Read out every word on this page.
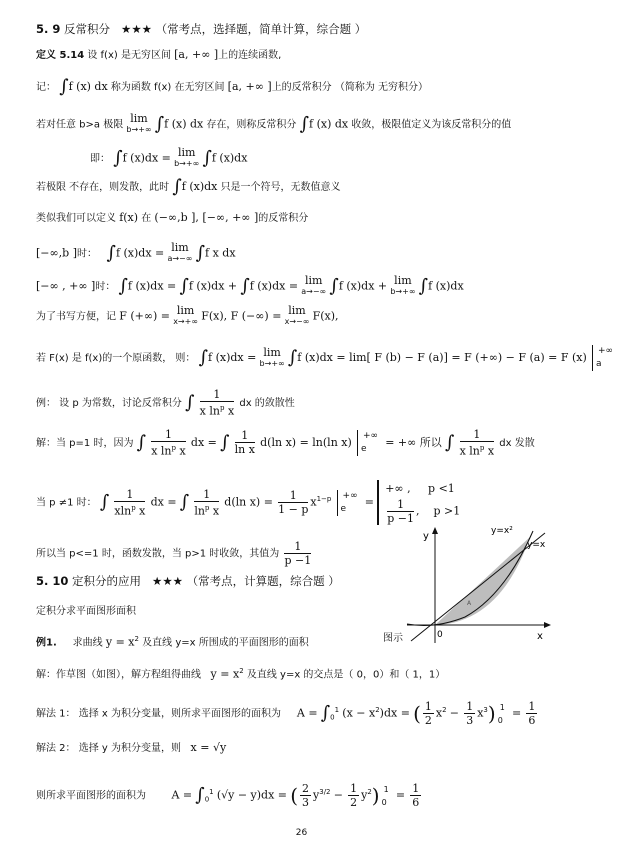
5. 9 反常积分 ★★★ （常考点，选择题，简单计算，综合题 ）
定义 5.14 设 f(x) 是无穷区间 [a, +∞ ]上的连续函数,
记： ∫f (x) dx 称为函数 f(x) 在无穷区间 [a, +∞ ]上的反常积分 （简称为 无穷积分）
若对任意 b>a 极限 lim
b→+∞ ∫f (x) dx 存在，则称反常积分 ∫f (x) dx 收敛，极限值定义为该反常积分的值
即： ∫f (x)dx = lim
b→+∞ ∫f (x)dx
若极限 不存在，则发散，此时 ∫f (x)dx 只是一个符号，无数值意义
类似我们可以定义 f(x) 在 (−∞,b ], [−∞, +∞ ]的反常积分
[−∞,b ]时： ∫f (x)dx = lim
a→−∞ ∫f x dx
[−∞ , +∞ ]时： ∫f (x)dx = ∫f (x)dx + ∫f (x)dx = lim
a→−∞ ∫f (x)dx + lim
b→+∞ ∫f (x)dx
为了书写方便，记 F (+∞) = lim
x→+∞ F(x), F (−∞) = lim
x→−∞ F(x),
若 F(x) 是 f(x)的一个原函数， 则： ∫f (x)dx = lim
b→+∞ ∫f (x)dx = lim[ F (b) − F (a)] = F (+∞) − F (a) = F (x) +∞
a
例： 设 p 为常数，讨论反常积分 ∫ $\frac{1}{x \ln^p x}$ dx 的敛散性
解：当 p=1 时，因为 ∫ $\frac{1}{x \ln^p x}$ dx = ∫ $\frac{1}{\text{ln x}} d(\ln$ x) = ln(ln x) +∞
e	= +∞ 所以 ∫ $\frac{1}{x \ln^p x}$ dx 发散
当 p ≠1 时： ∫ $\frac{1}{xln^p x}$ dx = ∫ $\frac{1}{\ln^p x} d(\ln$ $x) = \frac{1}{1 - p} x^{1-p}$ +∞
e	=
+∞ , p <1
$\frac{1}{p -1}$ , p >1
所以当 p<=1 时，函数发散，当 p>1 时收敛，其值为 $\frac{1}{p -1}$
5. 10 定积分的应用 ★★★ （常考点，计算题，综合题 ）
定积分求平面图形面积
例1. 求曲线 $y = x^2$ 及直线 y=x 所围成的平面图形的面积	图示
解：作草图（如图），解方程组得曲线 $y = x^2$ 及直线 y=x 的交点是（ 0，0）和（ 1，1）
解法 1： 选择 x 为积分变量，则所求平面图形的面积为 $A = \int_0^1$ $(x - x^2)dx$ = ( $\frac{1}{2} x^2 - \frac{1}{3} x^3$) 1
0
= $\frac{1}{6}$
解法 2： 选择 y 为积分变量，则 x = √y
则所求平面图形的面积为 $A = \int_0^1$ (√y − y)dx = ( $\frac{2}{3} y^{3/2} - \frac{1}{2} y^2$) 1
0
= $\frac{1}{6}$
y
x
0
y=x²
y=x
A
26
